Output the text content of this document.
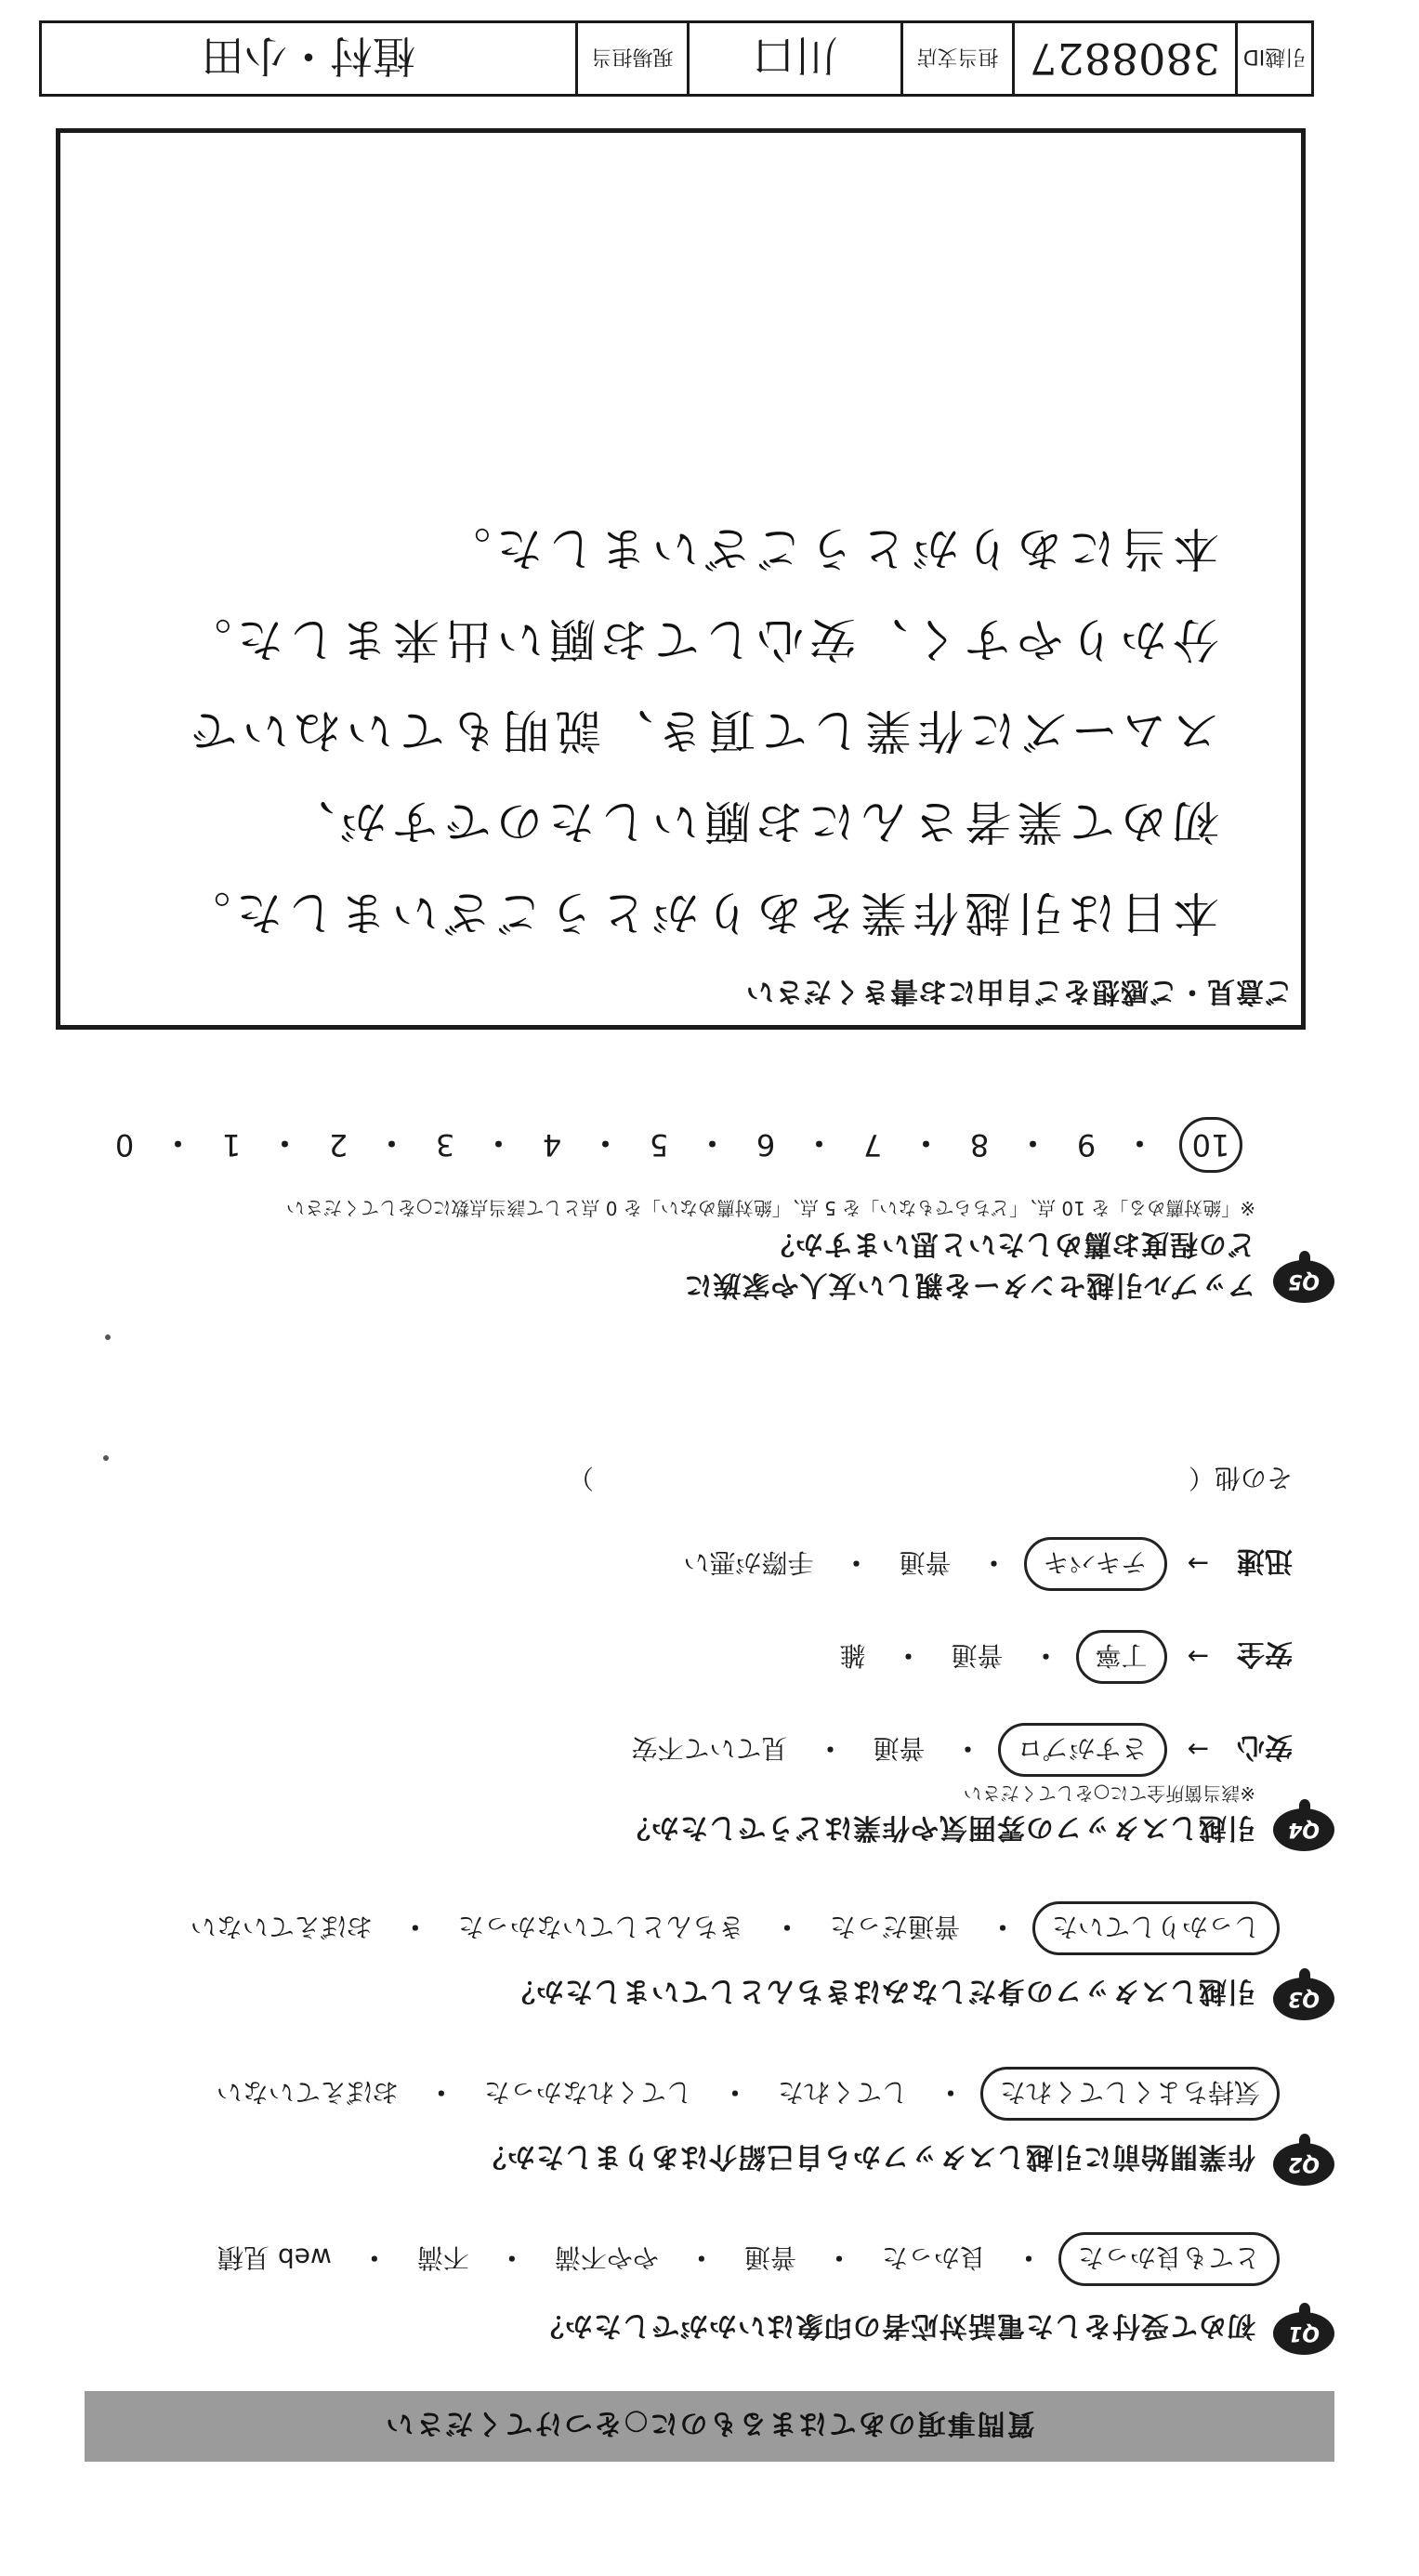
質問事項のあてはまるものに○をつけてください
Q1
初めて受付をした電話対応者の印象はいかがでしたか？
とても良かった
・
良かった
・
普通
・
やや不満
・
不満
・
web 見積
Q2
作業開始前に引越しスタッフから自己紹介はありましたか？
気持ちよくしてくれた
・
してくれた
・
してくれなかった
・
おぼえていない
Q3
引越しスタッフの身だしなみはきちんとしていましたか？
しっかりしていた
・
普通だった
・
きちんとしていなかった
・
おぼえていない
Q4
引越しスタッフの雰囲気や作業はどうでしたか？
※該当箇所全てに○をしてください
安心
→
さすがプロ
・
普通
・
見ていて不安
安全
→
丁寧
・
普通
・
雑
迅速
→
テキパキ
・
普通
・
手際が悪い
その他（
）
Q5
アップル引越センターを親しい友人や家族に
どの程度お薦めしたいと思いますか？
※「絶対薦める」を 10 点、「どちらでもない」を 5 点、「絶対薦めない」を 0 点として該当点数に○をしてください
10
・
9
・
8
・
7
・
6
・
5
・
4
・
3
・
2
・
1
・
0
ご意見・ご感想をご自由にお書きください
本日は引越作業をありがとうございました。
初めて業者さんにお願いしたのですが、
スムーズに作業して頂き、説明もていねいで
分かりやすく、安心してお願い出来ました。
本当にありがとうございました。
引越ID
3808827
担当支店
川口
現場担当
植村・小田
